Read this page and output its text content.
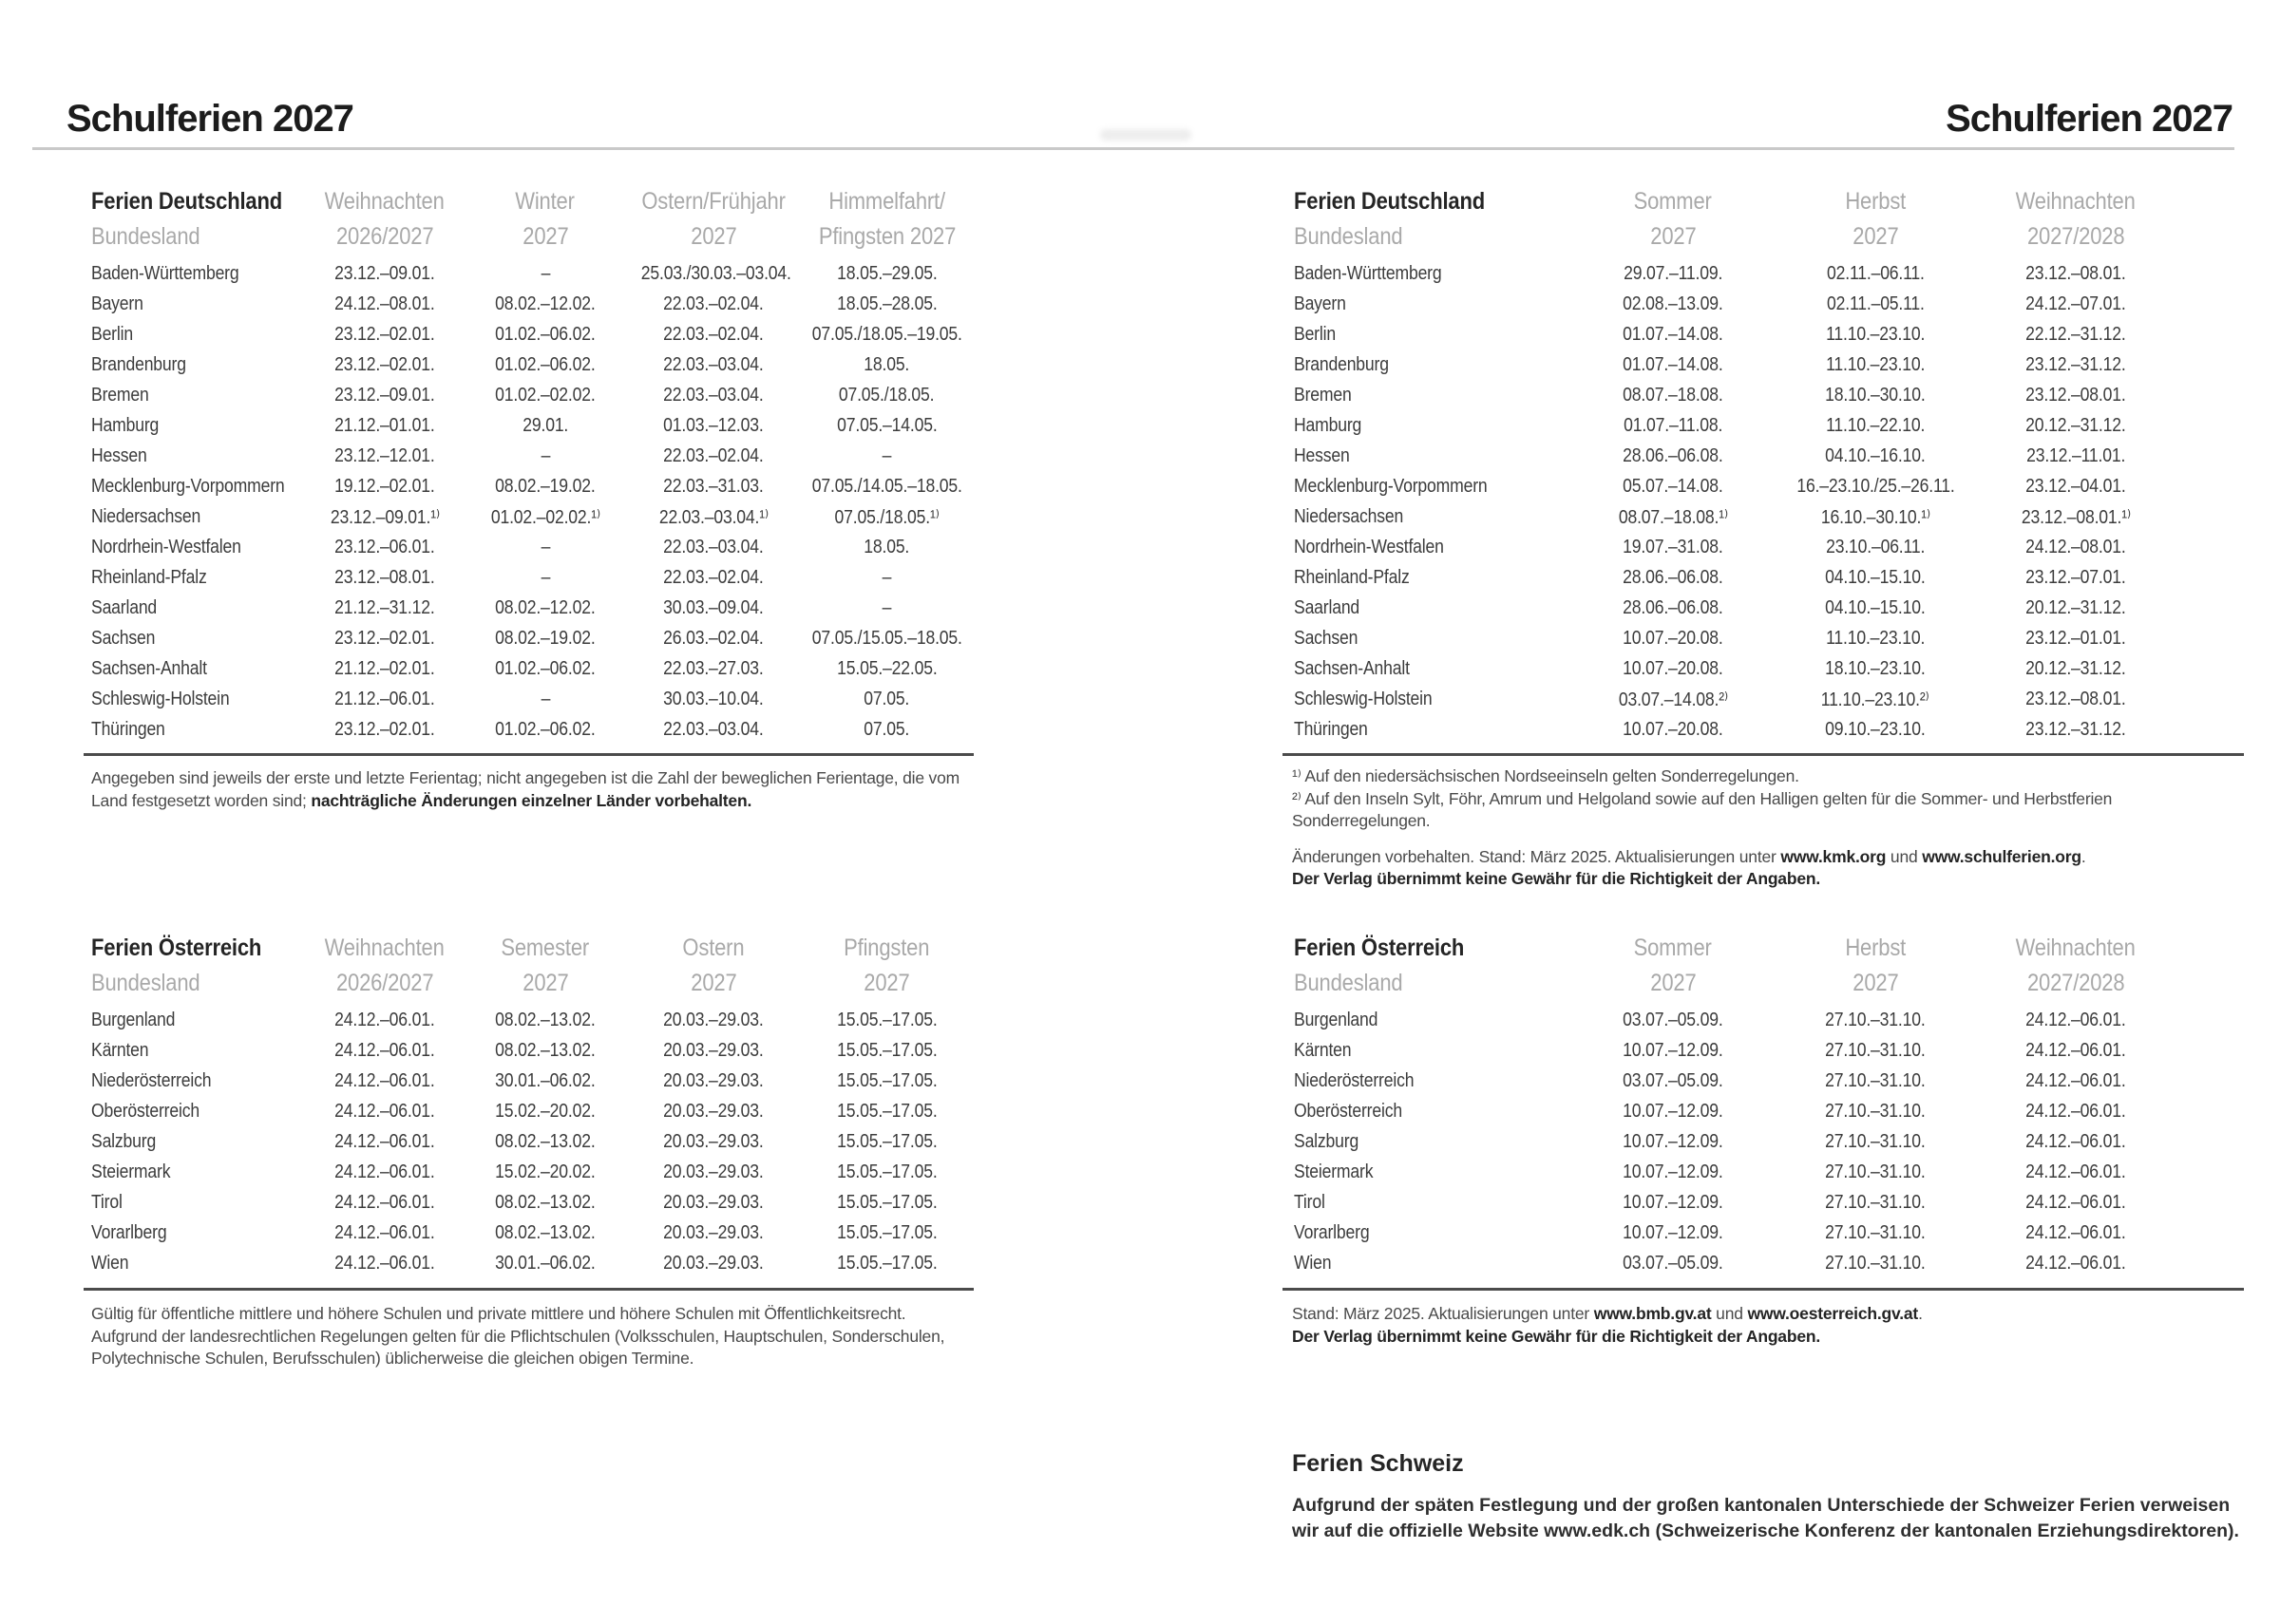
Schulferien 2027	Schulferien 2027
Ferien Deutschland
Bundesland

Weihnachten
2026/2027

Winter
2027

Ostern/Frühjahr
2027

Himmelfahrt/
Pfingsten 2027

Baden-Württemberg	23.12.–09.01.	–	25.03./30.03.–03.04.	18.05.–29.05.
Bayern	24.12.–08.01.	08.02.–12.02.	22.03.–02.04.	18.05.–28.05.
Berlin	23.12.–02.01.	01.02.–06.02.	22.03.–02.04.	07.05./18.05.–19.05.
Brandenburg	23.12.–02.01.	01.02.–06.02.	22.03.–03.04.	18.05.
Bremen	23.12.–09.01.	01.02.–02.02.	22.03.–03.04.	07.05./18.05.
Hamburg	21.12.–01.01.	29.01.	01.03.–12.03.	07.05.–14.05.
Hessen	23.12.–12.01.	–	22.03.–02.04.	–
Mecklenburg-Vorpommern	19.12.–02.01.	08.02.–19.02.	22.03.–31.03.	07.05./14.05.–18.05.
Niedersachsen	23.12.–09.01.¹⁾	01.02.–02.02.¹⁾	22.03.–03.04.¹⁾	07.05./18.05.¹⁾
Nordrhein-Westfalen	23.12.–06.01.	–	22.03.–03.04.	18.05.
Rheinland-Pfalz	23.12.–08.01.	–	22.03.–02.04.	–
Saarland	21.12.–31.12.	08.02.–12.02.	30.03.–09.04.	–
Sachsen	23.12.–02.01.	08.02.–19.02.	26.03.–02.04.	07.05./15.05.–18.05.
Sachsen-Anhalt	21.12.–02.01.	01.02.–06.02.	22.03.–27.03.	15.05.–22.05.
Schleswig-Holstein	21.12.–06.01.	–	30.03.–10.04.	07.05.
Thüringen	23.12.–02.01.	01.02.–06.02.	22.03.–03.04.	07.05.

Angegeben sind jeweils der erste und letzte Ferientag; nicht angegeben ist die Zahl der beweglichen Ferientage, die vom Land festgesetzt worden sind; nachträgliche Änderungen einzelner Länder vorbehalten.

Ferien Österreich
Bundesland

Weihnachten
2026/2027

Semester
2027

Ostern
2027

Pfingsten
2027

Burgenland	24.12.–06.01.	08.02.–13.02.	20.03.–29.03.	15.05.–17.05.
Kärnten	24.12.–06.01.	08.02.–13.02.	20.03.–29.03.	15.05.–17.05.
Niederösterreich	24.12.–06.01.	30.01.–06.02.	20.03.–29.03.	15.05.–17.05.
Oberösterreich	24.12.–06.01.	15.02.–20.02.	20.03.–29.03.	15.05.–17.05.
Salzburg	24.12.–06.01.	08.02.–13.02.	20.03.–29.03.	15.05.–17.05.
Steiermark	24.12.–06.01.	15.02.–20.02.	20.03.–29.03.	15.05.–17.05.
Tirol	24.12.–06.01.	08.02.–13.02.	20.03.–29.03.	15.05.–17.05.
Vorarlberg	24.12.–06.01.	08.02.–13.02.	20.03.–29.03.	15.05.–17.05.
Wien	24.12.–06.01.	30.01.–06.02.	20.03.–29.03.	15.05.–17.05.

Gültig für öffentliche mittlere und höhere Schulen und private mittlere und höhere Schulen mit Öffentlichkeitsrecht.

Aufgrund der landesrechtlichen Regelungen gelten für die Pflichtschulen (Volksschulen, Hauptschulen, Sonderschulen, Polytechnische Schulen, Berufsschulen) üblicherweise die gleichen obigen Termine.

Ferien Deutschland
Bundesland

Sommer
2027

Herbst
2027

Weihnachten
2027/2028

Baden-Württemberg	29.07.–11.09.	02.11.–06.11.	23.12.–08.01.
Bayern	02.08.–13.09.	02.11.–05.11.	24.12.–07.01.
Berlin	01.07.–14.08.	11.10.–23.10.	22.12.–31.12.
Brandenburg	01.07.–14.08.	11.10.–23.10.	23.12.–31.12.
Bremen	08.07.–18.08.	18.10.–30.10.	23.12.–08.01.
Hamburg	01.07.–11.08.	11.10.–22.10.	20.12.–31.12.
Hessen	28.06.–06.08.	04.10.–16.10.	23.12.–11.01.
Mecklenburg-Vorpommern	05.07.–14.08.	16.–23.10./25.–26.11.	23.12.–04.01.
Niedersachsen	08.07.–18.08.¹⁾	16.10.–30.10.¹⁾	23.12.–08.01.¹⁾
Nordrhein-Westfalen	19.07.–31.08.	23.10.–06.11.	24.12.–08.01.
Rheinland-Pfalz	28.06.–06.08.	04.10.–15.10.	23.12.–07.01.
Saarland	28.06.–06.08.	04.10.–15.10.	20.12.–31.12.
Sachsen	10.07.–20.08.	11.10.–23.10.	23.12.–01.01.
Sachsen-Anhalt	10.07.–20.08.	18.10.–23.10.	20.12.–31.12.
Schleswig-Holstein	03.07.–14.08.²⁾	11.10.–23.10.²⁾	23.12.–08.01.
Thüringen	10.07.–20.08.	09.10.–23.10.	23.12.–31.12.

¹⁾ Auf den niedersächsischen Nordseeinseln gelten Sonderregelungen.

²⁾ Auf den Inseln Sylt, Föhr, Amrum und Helgoland sowie auf den Halligen gelten für die Sommer- und Herbstferien Sonderregelungen.

Änderungen vorbehalten. Stand: März 2025. Aktualisierungen unter www.kmk.org und www.schulferien.org.

Der Verlag übernimmt keine Gewähr für die Richtigkeit der Angaben.

Ferien Österreich
Bundesland

Sommer
2027

Herbst
2027

Weihnachten
2027/2028

Burgenland	03.07.–05.09.	27.10.–31.10.	24.12.–06.01.
Kärnten	10.07.–12.09.	27.10.–31.10.	24.12.–06.01.
Niederösterreich	03.07.–05.09.	27.10.–31.10.	24.12.–06.01.
Oberösterreich	10.07.–12.09.	27.10.–31.10.	24.12.–06.01.
Salzburg	10.07.–12.09.	27.10.–31.10.	24.12.–06.01.
Steiermark	10.07.–12.09.	27.10.–31.10.	24.12.–06.01.
Tirol	10.07.–12.09.	27.10.–31.10.	24.12.–06.01.
Vorarlberg	10.07.–12.09.	27.10.–31.10.	24.12.–06.01.
Wien	03.07.–05.09.	27.10.–31.10.	24.12.–06.01.

Stand: März 2025. Aktualisierungen unter www.bmb.gv.at und www.oesterreich.gv.at.

Der Verlag übernimmt keine Gewähr für die Richtigkeit der Angaben.

Ferien Schweiz

Aufgrund der späten Festlegung und der großen kantonalen Unterschiede der Schweizer Ferien verweisen wir auf die offizielle Website www.edk.ch (Schweizerische Konferenz der kantonalen Erziehungsdirektoren).
